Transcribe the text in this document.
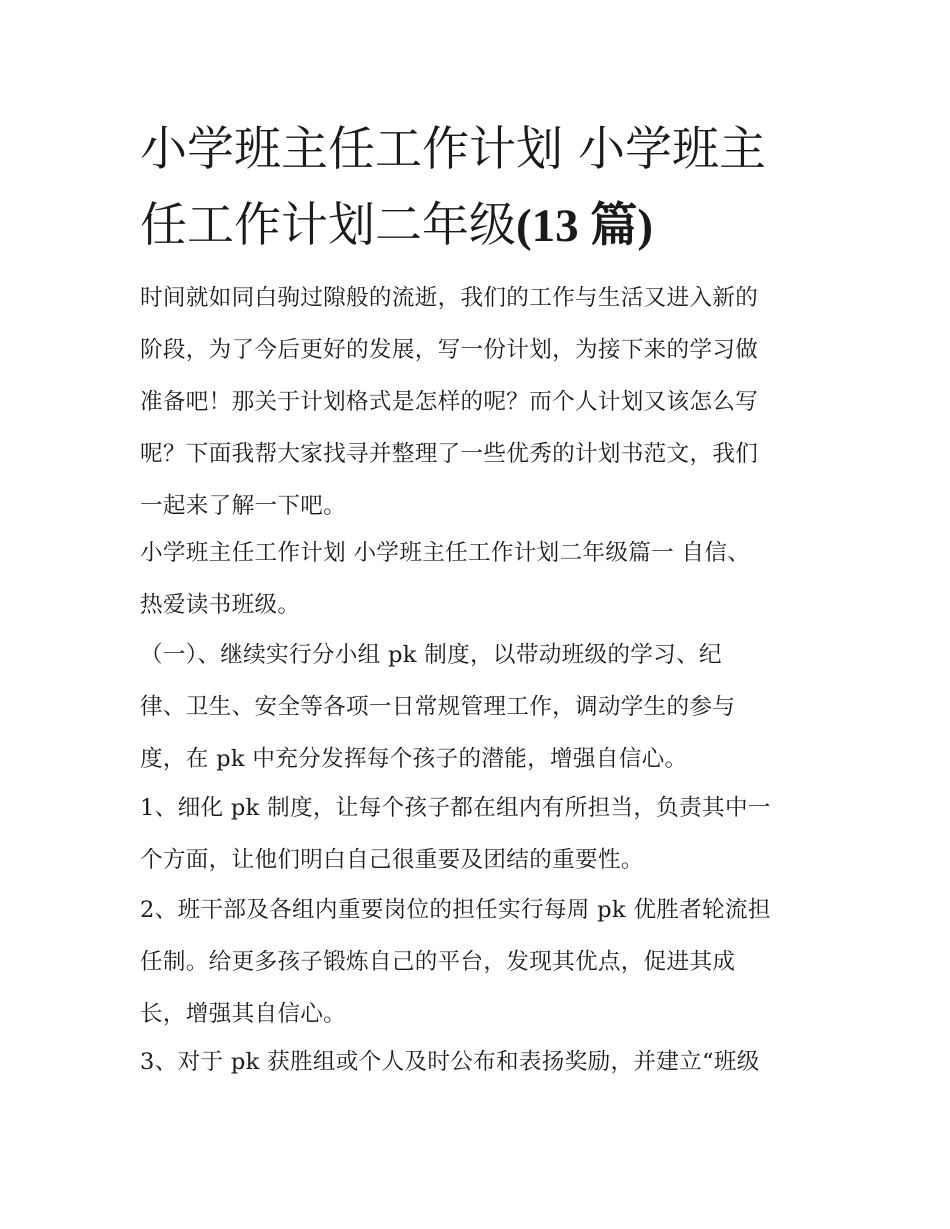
小学班主任工作计划 小学班主
任工作计划二年级(13 篇)

时间就如同白驹过隙般的流逝，我们的工作与生活又进入新的
阶段，为了今后更好的发展，写一份计划，为接下来的学习做
准备吧！那关于计划格式是怎样的呢？而个人计划又该怎么写
呢？下面我帮大家找寻并整理了一些优秀的计划书范文，我们
一起来了解一下吧。

小学班主任工作计划 小学班主任工作计划二年级篇一 自信、
热爱读书班级。

（一）、继续实行分小组 pk 制度，以带动班级的学习、纪
律、卫生、安全等各项一日常规管理工作，调动学生的参与
度，在 pk 中充分发挥每个孩子的潜能，增强自信心。

1、细化 pk 制度，让每个孩子都在组内有所担当，负责其中一
个方面，让他们明白自己很重要及团结的重要性。

2、班干部及各组内重要岗位的担任实行每周 pk 优胜者轮流担
任制。给更多孩子锻炼自己的平台，发现其优点，促进其成
长，增强其自信心。

3、对于 pk 获胜组或个人及时公布和表扬奖励，并建立“班级
